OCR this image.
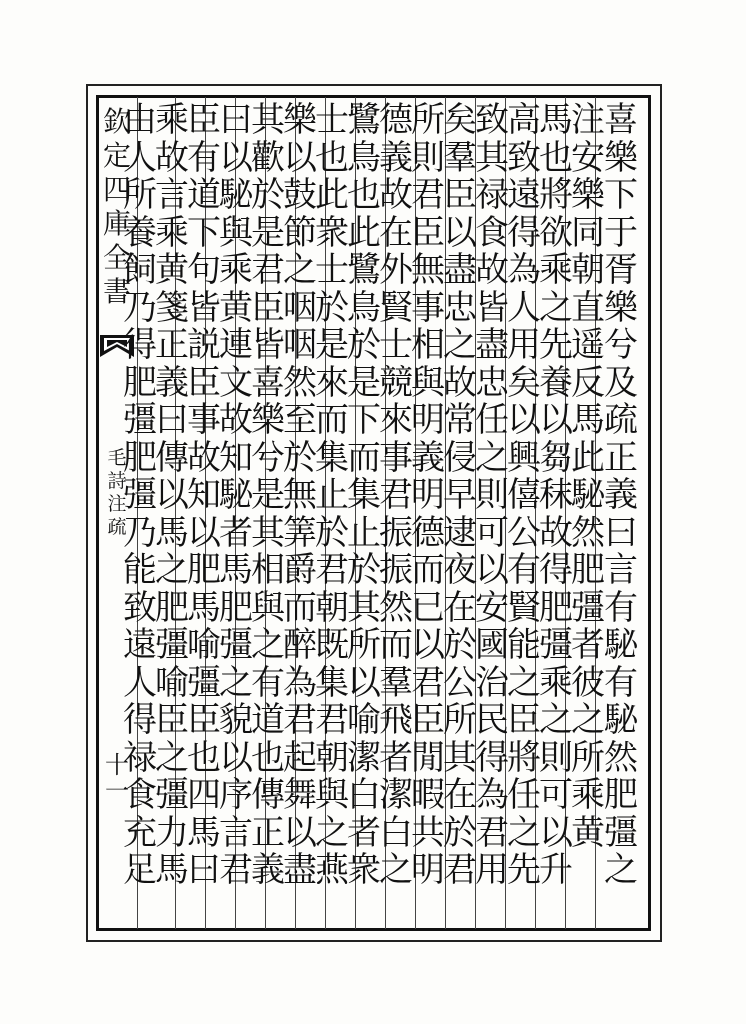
欽定四庫全書
毛詩注疏
十一
喜樂下于胥樂兮及疏正義曰言有駜有駜然肥彊之
注安樂同朝直遥反馬此駜然肥彊者彼之所乘黄
馬也將欲乘之先養以芻秣故得肥彊乘之則可以升
高致遠得為人用矣以興僖公有賢能之臣將任之先
致其禄食故皆盡忠任之則可以安國治民得為君用
矣羣臣以盡忠之故常侵早逮夜在於公所其在於君
所則君臣無事相與明義明德而已以君臣閒暇共明
德義故在外賢士競來事君振振然而羣飛者潔白之
鷺鳥也此鷺鳥於是下而集止於其所以喻潔白者衆
士也此衆士於是來而集止於君朝既集君朝與之燕
樂以鼓節之咽咽然至於無筭爵而醉為君起舞以盡
其歡於是君臣皆喜樂兮是其相與之有道也傳正義
曰以駜與乘黄連文故知駜者馬肥彊之貌以序言君
臣有道下句皆説臣事故知以肥馬喻彊臣也四馬曰
乘故言乘黄箋正義曰傳以馬之肥彊喻臣之彊力馬
由人所養飼乃得肥彊肥彊乃能致遠人得禄食充足
